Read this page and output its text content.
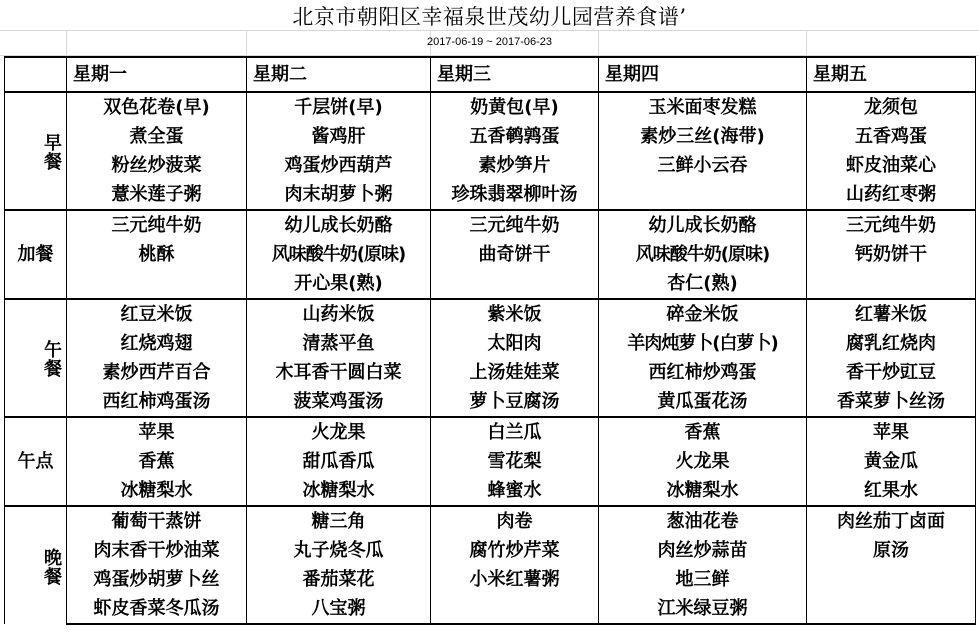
北京市朝阳区幸福泉世茂幼儿园营养食谱’
2017-06-19 ~ 2017-06-23
	星期一	星期二	星期三	星期四	星期五
早餐	双色花卷(早)	千层饼(早)	奶黄包(早)	玉米面枣发糕	龙须包
	煮全蛋	酱鸡肝	五香鹌鹑蛋	素炒三丝(海带)	五香鸡蛋
	粉丝炒菠菜	鸡蛋炒西葫芦	素炒笋片	三鲜小云吞	虾皮油菜心
	薏米莲子粥	肉末胡萝卜粥	珍珠翡翠柳叶汤		山药红枣粥
加餐	三元纯牛奶	幼儿成长奶酪	三元纯牛奶	幼儿成长奶酪	三元纯牛奶
	桃酥	风味酸牛奶(原味)	曲奇饼干	风味酸牛奶(原味)	钙奶饼干
		开心果(熟)		杏仁(熟)	
午餐	红豆米饭	山药米饭	紫米饭	碎金米饭	红薯米饭
	红烧鸡翅	清蒸平鱼	太阳肉	羊肉炖萝卜(白萝卜)	腐乳红烧肉
	素炒西芹百合	木耳香干圆白菜	上汤娃娃菜	西红柿炒鸡蛋	香干炒豇豆
	西红柿鸡蛋汤	菠菜鸡蛋汤	萝卜豆腐汤	黄瓜蛋花汤	香菜萝卜丝汤
午点	苹果	火龙果	白兰瓜	香蕉	苹果
	香蕉	甜瓜香瓜	雪花梨	火龙果	黄金瓜
	冰糖梨水	冰糖梨水	蜂蜜水	冰糖梨水	红果水
晚餐	葡萄干蒸饼	糖三角	肉卷	葱油花卷	肉丝茄丁卤面
	肉末香干炒油菜	丸子烧冬瓜	腐竹炒芹菜	肉丝炒蒜苗	原汤
	鸡蛋炒胡萝卜丝	番茄菜花	小米红薯粥	地三鲜	
	虾皮香菜冬瓜汤	八宝粥		江米绿豆粥	
